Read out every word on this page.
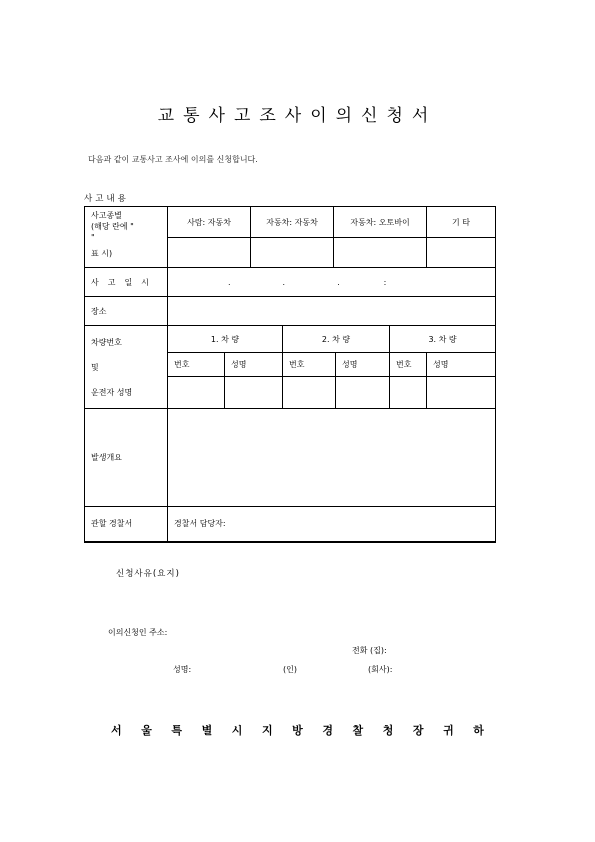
교통사고조사이의신청서
다음과 같이 교통사고 조사에 이의를 신청합니다.
사고내용
사고종별
(해당 란에 "
"
표 시)	사람: 자동차		자동차: 자동차		자동차: 오토바이			기 타

사고일시	. . . :							
장소								

차량번호
및
운전자 성명	1. 차 량			2. 차 량			3. 차 량	
	번호	성명		번호		성명	번호	성명

발생개요								
관할 경찰서	경찰서 담당자:							
신청사유(요지)
이의신청인 주소:
전화 (집):
성명:	(인)	(회사):
서 울 특 별 시 지 방 경 찰 청 장 귀 하
